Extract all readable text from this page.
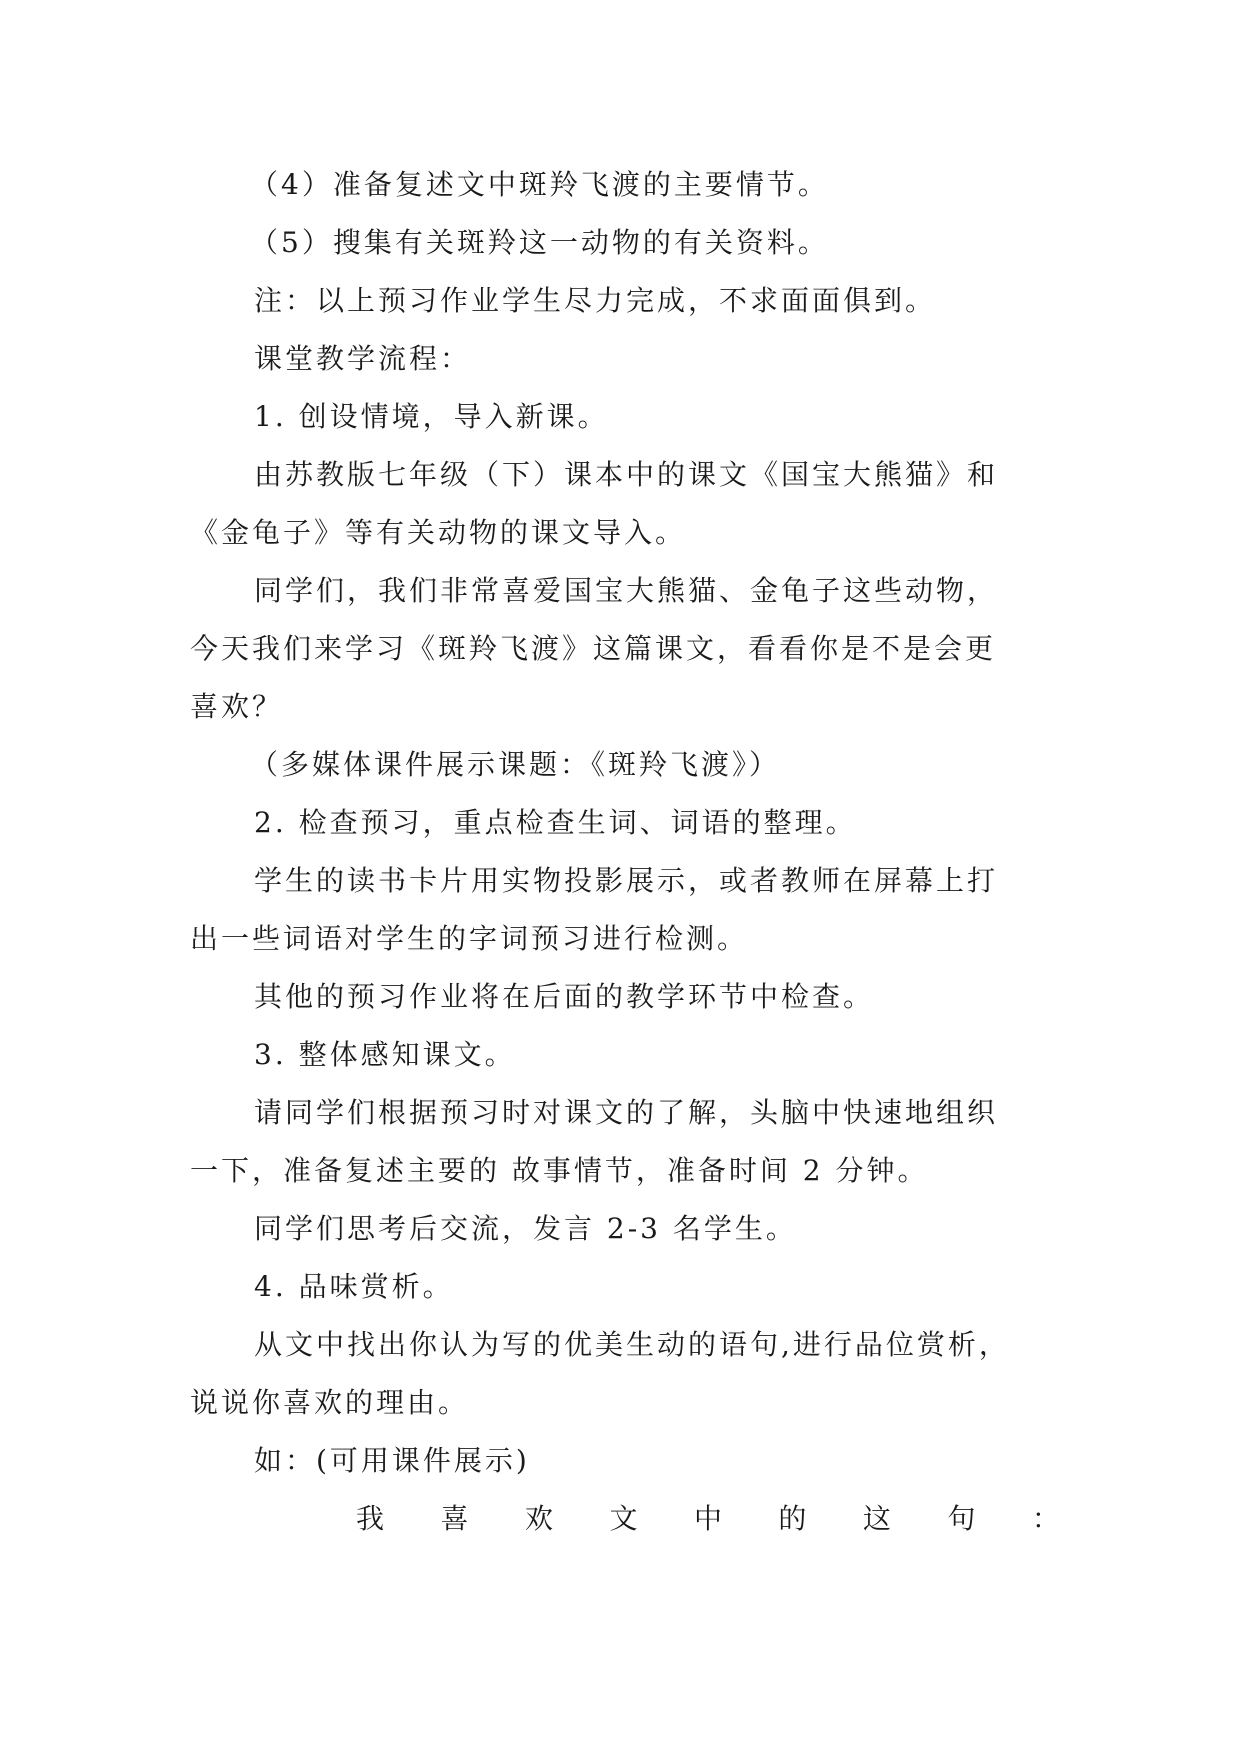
（4）准备复述文中斑羚飞渡的主要情节。
（5）搜集有关斑羚这一动物的有关资料。
注：以上预习作业学生尽力完成，不求面面俱到。
课堂教学流程：
1. 创设情境，导入新课。
由苏教版七年级（下）课本中的课文《国宝大熊猫》和
《金龟子》等有关动物的课文导入。
同学们，我们非常喜爱国宝大熊猫、金龟子这些动物，
今天我们来学习《斑羚飞渡》这篇课文，看看你是不是会更
喜欢？
（多媒体课件展示课题：《斑羚飞渡》）
2. 检查预习，重点检查生词、词语的整理。
学生的读书卡片用实物投影展示，或者教师在屏幕上打
出一些词语对学生的字词预习进行检测。
其他的预习作业将在后面的教学环节中检查。
3. 整体感知课文。
请同学们根据预习时对课文的了解，头脑中快速地组织
一下，准备复述主要的 故事情节，准备时间 2 分钟。
同学们思考后交流，发言 2-3 名学生。
4. 品味赏析。
从文中找出你认为写的优美生动的语句,进行品位赏析，
说说你喜欢的理由。
如：(可用课件展示)
我 喜 欢 文 中 的 这 句 ：
